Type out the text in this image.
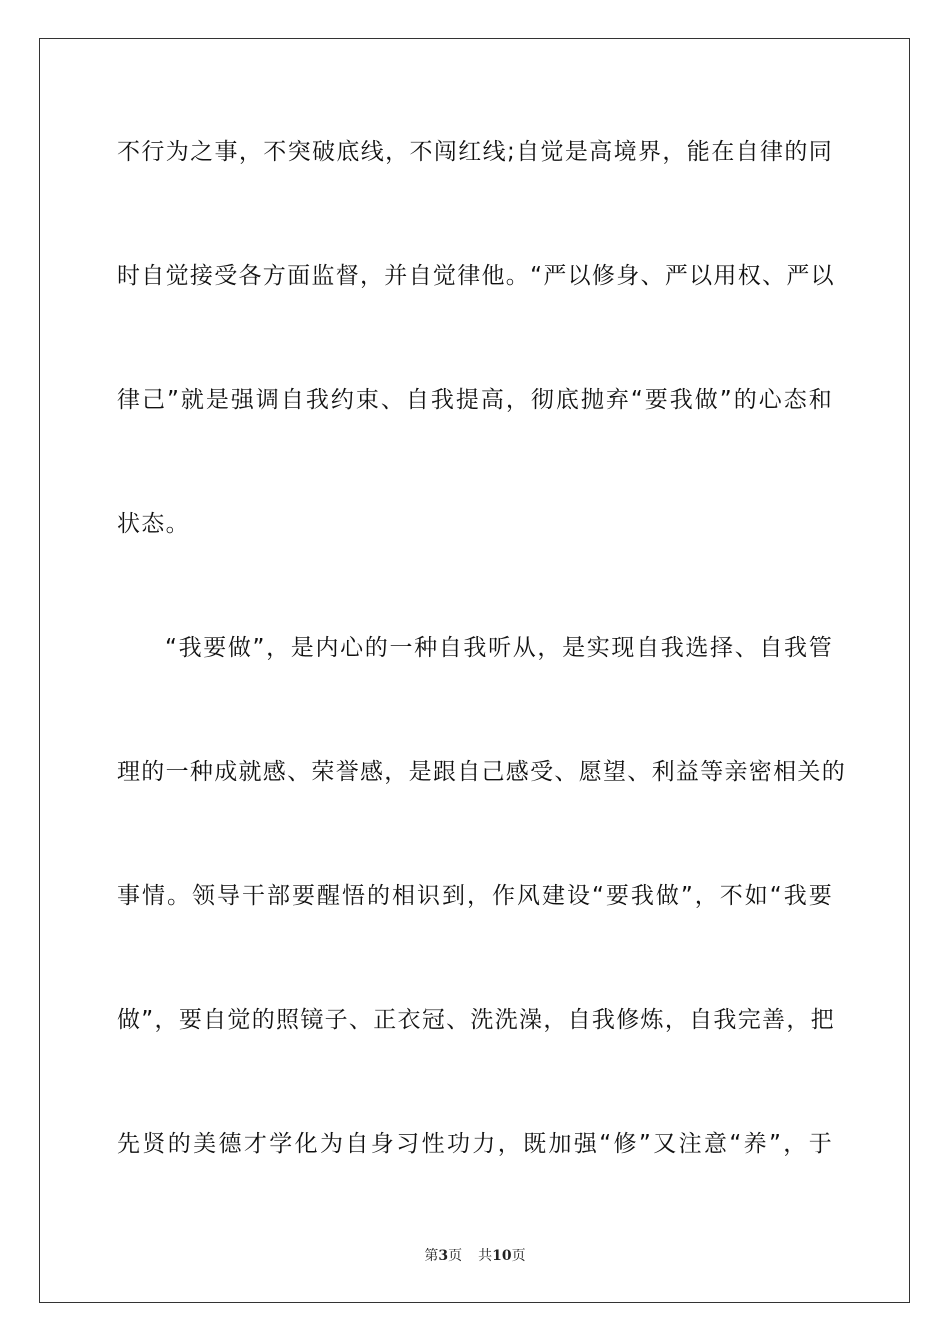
不行为之事，不突破底线，不闯红线;自觉是高境界，能在自律的同
时自觉接受各方面监督，并自觉律他。“严以修身、严以用权、严以
律己”就是强调自我约束、自我提高，彻底抛弃“要我做”的心态和
状态。
“我要做”，是内心的一种自我听从，是实现自我选择、自我管
理的一种成就感、荣誉感，是跟自己感受、愿望、利益等亲密相关的
事情。领导干部要醒悟的相识到，作风建设“要我做”，不如“我要
做”，要自觉的照镜子、正衣冠、洗洗澡，自我修炼，自我完善，把
先贤的美德才学化为自身习性功力，既加强“修”又注意“养”，于
第3页 共10页
